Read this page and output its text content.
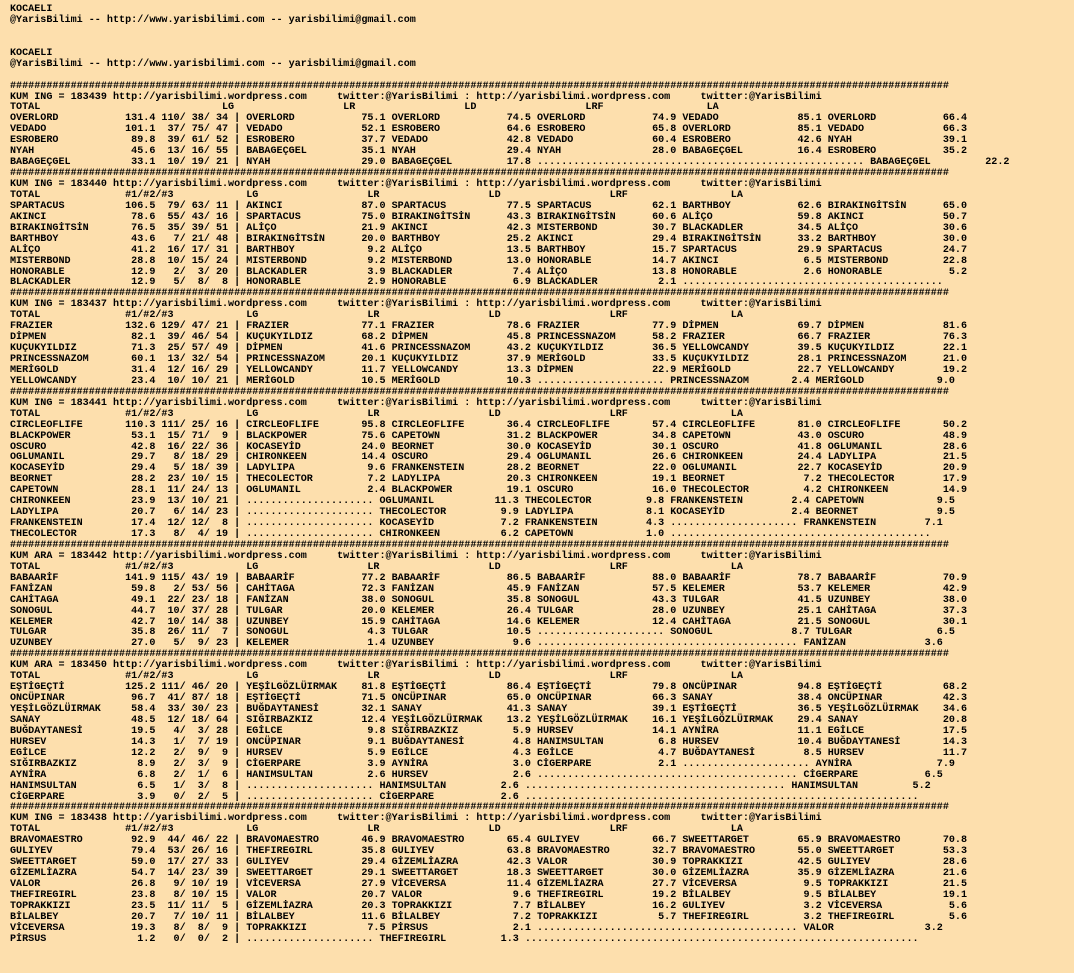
KOCAELI
@YarisBilimi -- http://www.yarisbilimi.com -- yarisbilimi@gmail.com

KOCAELI
@YarisBilimi -- http://www.yarisbilimi.com -- yarisbilimi@gmail.com

###########################################################################################################################################################
KUM ING = 183439 http://yarisbilimi.wordpress.com     twitter:@YarisBilimi : http://yarisbilimi.wordpress.com     twitter:@YarisBilimi
TOTAL                              LG                  LR                  LD                  LRF                 LA
OVERLORD           131.4 110/ 38/ 34 | OVERLORD           75.1 OVERLORD           74.5 OVERLORD           74.9 VEDADO             85.1 OVERLORD           66.4
VEDADO             101.1  37/ 75/ 47 | VEDADO             52.1 ESROBERO           64.6 ESROBERO           65.8 OVERLORD           85.1 VEDADO             66.3
ESROBERO            89.8  39/ 61/ 52 | ESROBERO           37.7 VEDADO             42.8 VEDADO             60.4 ESROBERO           42.6 NYAH               39.1
NYAH                45.6  13/ 16/ 55 | BABAGEÇGEL         35.1 NYAH               29.4 NYAH               28.0 BABAGEÇGEL         16.4 ESROBERO           35.2
BABAGEÇGEL          33.1  10/ 19/ 21 | NYAH               29.0 BABAGEÇGEL         17.8 ...................................................... BABAGEÇGEL         22.2
###########################################################################################################################################################
KUM ING = 183440 http://yarisbilimi.wordpress.com     twitter:@YarisBilimi : http://yarisbilimi.wordpress.com     twitter:@YarisBilimi
TOTAL              #1/#2/#3            LG                  LR                  LD                  LRF                 LA
SPARTACUS          106.5  79/ 63/ 11 | AKINCI             87.0 SPARTACUS          77.5 SPARTACUS          62.1 BARTHBOY           62.6 BIRAKINGİTSİN      65.0
AKINCI              78.6  55/ 43/ 16 | SPARTACUS          75.0 BIRAKINGİTSİN      43.3 BIRAKINGİTSİN      60.6 ALİÇO              59.8 AKINCI             50.7
BIRAKINGİTSİN       76.5  35/ 39/ 51 | ALİÇO              21.9 AKINCI             42.3 MISTERBOND         30.7 BLACKADLER         34.5 ALİÇO              30.6
BARTHBOY            43.6   7/ 21/ 48 | BIRAKINGİTSİN      20.0 BARTHBOY           25.2 AKINCI             29.4 BIRAKINGİTSİN      33.2 BARTHBOY           30.0
ALİÇO               41.2  16/ 17/ 31 | BARTHBOY            9.2 ALİÇO              13.5 BARTHBOY           15.7 SPARTACUS          29.9 SPARTACUS          24.7
MISTERBOND          28.8  10/ 15/ 24 | MISTERBOND          9.2 MISTERBOND         13.0 HONORABLE          14.7 AKINCI              6.5 MISTERBOND         22.8
HONORABLE           12.9   2/  3/ 20 | BLACKADLER          3.9 BLACKADLER          7.4 ALİÇO              13.8 HONORABLE           2.6 HONORABLE           5.2
BLACKADLER          12.9   5/  8/  8 | HONORABLE           2.9 HONORABLE           6.9 BLACKADLER          2.1 ...........................................
###########################################################################################################################################################
KUM ING = 183437 http://yarisbilimi.wordpress.com     twitter:@YarisBilimi : http://yarisbilimi.wordpress.com     twitter:@YarisBilimi
TOTAL              #1/#2/#3            LG                  LR                  LD                  LRF                 LA
FRAZIER            132.6 129/ 47/ 21 | FRAZIER            77.1 FRAZIER            78.6 FRAZIER            77.9 DİPMEN             69.7 DİPMEN             81.6
DİPMEN              82.1  39/ 46/ 54 | KUÇUKYILDIZ        68.2 DİPMEN             45.8 PRINCESSNAZOM      58.2 FRAZIER            66.7 FRAZIER            76.3
KUÇUKYILDIZ         71.3  25/ 57/ 49 | DİPMEN             41.6 PRINCESSNAZOM      43.2 KUÇUKYILDIZ        36.5 YELLOWCANDY        39.5 KUÇUKYILDIZ        22.1
PRINCESSNAZOM       60.1  13/ 32/ 54 | PRINCESSNAZOM      20.1 KUÇUKYILDIZ        37.9 MERİGOLD           33.5 KUÇUKYILDIZ        28.1 PRINCESSNAZOM      21.0
MERİGOLD            31.4  12/ 16/ 29 | YELLOWCANDY        11.7 YELLOWCANDY        13.3 DİPMEN             22.9 MERİGOLD           22.7 YELLOWCANDY        19.2
YELLOWCANDY         23.4  10/ 10/ 21 | MERİGOLD           10.5 MERİGOLD           10.3 ..................... PRINCESSNAZOM       2.4 MERİGOLD            9.0
###########################################################################################################################################################
KUM ING = 183441 http://yarisbilimi.wordpress.com     twitter:@YarisBilimi : http://yarisbilimi.wordpress.com     twitter:@YarisBilimi
TOTAL              #1/#2/#3            LG                  LR                  LD                  LRF                 LA
CIRCLEOFLIFE       110.3 111/ 25/ 16 | CIRCLEOFLIFE       95.8 CIRCLEOFLIFE       36.4 CIRCLEOFLIFE       57.4 CIRCLEOFLIFE       81.0 CIRCLEOFLIFE       50.2
BLACKPOWER          53.1  15/ 71/  9 | BLACKPOWER         75.6 CAPETOWN           31.2 BLACKPOWER         34.8 CAPETOWN           43.0 OSCURO             48.9
OSCURO              42.8  16/ 22/ 36 | KOCASEYİD          24.0 BEORNET            30.0 KOCASEYİD          30.1 OSCURO             41.8 OGLUMANIL          28.6
OGLUMANIL           29.7   8/ 18/ 29 | CHIRONKEEN         14.4 OSCURO             29.4 OGLUMANIL          26.6 CHIRONKEEN         24.4 LADYLIPA           21.5
KOCASEYİD           29.4   5/ 18/ 39 | LADYLIPA            9.6 FRANKENSTEIN       28.2 BEORNET            22.0 OGLUMANIL          22.7 KOCASEYİD          20.9
BEORNET             28.2  23/ 10/ 15 | THECOLECTOR         7.2 LADYLIPA           20.3 CHIRONKEEN         19.1 BEORNET             7.2 THECOLECTOR        17.9
CAPETOWN            28.1  11/ 24/ 13 | OGLUMANIL           2.4 BLACKPOWER         19.1 OSCURO             16.0 THECOLECTOR         4.2 CHIRONKEEN         14.9
CHIRONKEEN          23.9  13/ 10/ 21 | ..................... OGLUMANIL          11.3 THECOLECTOR         9.8 FRANKENSTEIN        2.4 CAPETOWN            9.5
LADYLIPA            20.7   6/ 14/ 23 | ..................... THECOLECTOR         9.9 LADYLIPA            8.1 KOCASEYİD           2.4 BEORNET             9.5
FRANKENSTEIN        17.4  12/ 12/  8 | ..................... KOCASEYİD           7.2 FRANKENSTEIN        4.3 ..................... FRANKENSTEIN        7.1
THECOLECTOR         17.3   8/  4/ 19 | ..................... CHIRONKEEN          6.2 CAPETOWN            1.0 ...........................................
###########################################################################################################################################################
KUM ARA = 183442 http://yarisbilimi.wordpress.com     twitter:@YarisBilimi : http://yarisbilimi.wordpress.com     twitter:@YarisBilimi
TOTAL              #1/#2/#3            LG                  LR                  LD                  LRF                 LA
BABAARİF           141.9 115/ 43/ 19 | BABAARİF           77.2 BABAARİF           86.5 BABAARİF           88.0 BABAARİF           78.7 BABAARİF           70.9
FANİZAN             59.8   2/ 53/ 56 | CAHİTAGA           72.3 FANİZAN            45.9 FANİZAN            57.5 KELEMER            53.7 KELEMER            42.9
CAHİTAGA            49.1  22/ 23/ 18 | FANİZAN            38.0 SONOGUL            35.8 SONOGUL            43.3 TULGAR             41.5 UZUNBEY            38.0
SONOGUL             44.7  10/ 37/ 28 | TULGAR             20.0 KELEMER            26.4 TULGAR             28.0 UZUNBEY            25.1 CAHİTAGA           37.3
KELEMER             42.7  10/ 14/ 38 | UZUNBEY            15.9 CAHİTAGA           14.6 KELEMER            12.4 CAHİTAGA           21.5 SONOGUL            30.1
TULGAR              35.8  26/ 11/  7 | SONOGUL             4.3 TULGAR             10.5 ..................... SONOGUL             8.7 TULGAR              6.5
UZUNBEY             27.0   5/  9/ 23 | KELEMER             1.4 UZUNBEY             9.6 ........................................... FANİZAN             3.6
###########################################################################################################################################################
KUM ARA = 183450 http://yarisbilimi.wordpress.com     twitter:@YarisBilimi : http://yarisbilimi.wordpress.com     twitter:@YarisBilimi
TOTAL              #1/#2/#3            LG                  LR                  LD                  LRF                 LA
EŞTİGEÇTİ          125.2 111/ 46/ 20 | YEŞİLGÖZLÜIRMAK    81.8 EŞTİGEÇTİ          86.4 EŞTİGEÇTİ          79.8 ONCÜPINAR          94.8 EŞTİGEÇTİ          68.2
ONCÜPINAR           96.7  41/ 87/ 18 | EŞTİGEÇTİ          71.5 ONCÜPINAR          65.0 ONCÜPINAR          66.3 SANAY              38.4 ONCÜPINAR          42.3
YEŞİLGÖZLÜIRMAK     58.4  33/ 30/ 23 | BUĞDAYTANESİ       32.1 SANAY              41.3 SANAY              39.1 EŞTİGEÇTİ          36.5 YEŞİLGÖZLÜIRMAK    34.6
SANAY               48.5  12/ 18/ 64 | SIĞIRBAZKIZ        12.4 YEŞİLGÖZLÜIRMAK    13.2 YEŞİLGÖZLÜIRMAK    16.1 YEŞİLGÖZLÜIRMAK    29.4 SANAY              20.8
BUĞDAYTANESİ        19.5   4/  3/ 28 | EGİLCE              9.8 SIĞIRBAZKIZ         5.9 HURSEV             14.1 AYNİRA             11.1 EGİLCE             17.5
HURSEV              14.3   1/  7/ 19 | ONCÜPINAR           9.1 BUĞDAYTANESİ        4.8 HANIMSULTAN         6.8 HURSEV             10.4 BUĞDAYTANESİ       14.3
EGİLCE              12.2   2/  9/  9 | HURSEV              5.9 EGİLCE              4.3 EGİLCE              4.7 BUĞDAYTANESİ        8.5 HURSEV             11.7
SIĞIRBAZKIZ          8.9   2/  3/  9 | CİGERPARE           3.9 AYNİRA              3.0 CİGERPARE           2.1 ..................... AYNİRA              7.9
AYNİRA               6.8   2/  1/  6 | HANIMSULTAN         2.6 HURSEV              2.6 ........................................... CİGERPARE           6.5
HANIMSULTAN          6.5   1/  3/  8 | ..................... HANIMSULTAN         2.6 ........................................... HANIMSULTAN         5.2
CİGERPARE            3.9   0/  2/  5 | ..................... CİGERPARE           2.6 .................................................................
###########################################################################################################################################################
KUM ING = 183438 http://yarisbilimi.wordpress.com     twitter:@YarisBilimi : http://yarisbilimi.wordpress.com     twitter:@YarisBilimi
TOTAL              #1/#2/#3            LG                  LR                  LD                  LRF                 LA
BRAVOMAESTRO        92.9  44/ 46/ 22 | BRAVOMAESTRO       46.9 BRAVOMAESTRO       65.4 GULIYEV            66.7 SWEETTARGET        65.9 BRAVOMAESTRO       70.8
GULIYEV             79.4  53/ 26/ 16 | THEFIREGIRL        35.8 GULIYEV            63.8 BRAVOMAESTRO       32.7 BRAVOMAESTRO       55.0 SWEETTARGET        53.3
SWEETTARGET         59.0  17/ 27/ 33 | GULIYEV            29.4 GİZEMLİAZRA        42.3 VALOR              30.9 TOPRAKKIZI         42.5 GULIYEV            28.6
GİZEMLİAZRA         54.7  14/ 23/ 39 | SWEETTARGET        29.1 SWEETTARGET        18.3 SWEETTARGET        30.0 GİZEMLİAZRA        35.9 GİZEMLİAZRA        21.6
VALOR               26.8   9/ 10/ 19 | VİCEVERSA          27.9 VİCEVERSA          11.4 GİZEMLİAZRA        27.7 VİCEVERSA           9.5 TOPRAKKIZI         21.5
THEFIREGIRL         23.8   8/ 10/ 15 | VALOR              20.7 VALOR               9.6 THEFIREGIRL        19.2 BİLALBEY            9.5 BİLALBEY           19.1
TOPRAKKIZI          23.5  11/ 11/  5 | GİZEMLİAZRA        20.3 TOPRAKKIZI          7.7 BİLALBEY           16.2 GULIYEV             3.2 VİCEVERSA           5.6
BİLALBEY            20.7   7/ 10/ 11 | BİLALBEY           11.6 BİLALBEY            7.2 TOPRAKKIZI          5.7 THEFIREGIRL         3.2 THEFIREGIRL         5.6
VİCEVERSA           19.3   8/  8/  9 | TOPRAKKIZI          7.5 PİRSUS              2.1 ........................................... VALOR               3.2
PİRSUS               1.2   0/  0/  2 | ..................... THEFIREGIRL         1.3 .................................................................
